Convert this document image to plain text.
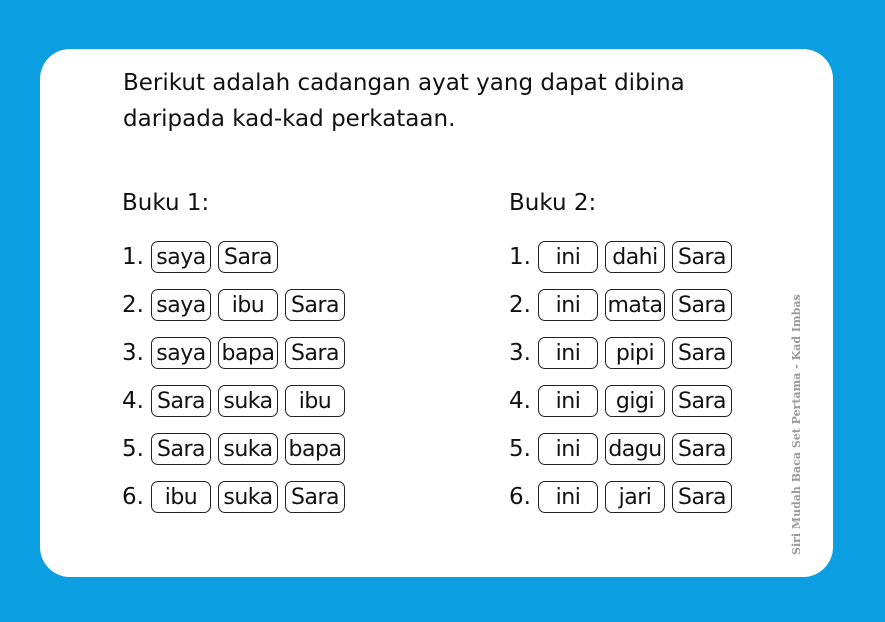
Berikut adalah cadangan ayat yang dapat dibina
daripada kad-kad perkataan.
Buku 1:
1. saya Sara
2. saya	ibu	Sara
3. saya bapa Sara
4. Sara suka	ibu
5. Sara suka bapa
6. ibu	suka Sara
Buku 2:
1.	ini	dahi Sara
2.	ini	mata Sara
3.	ini	pipi	Sara
4.	ini	gigi	Sara
5.	ini	dagu Sara
6.	ini	jari	Sara	Siri Mudah Baca Set Pertama - Kad Imbas
